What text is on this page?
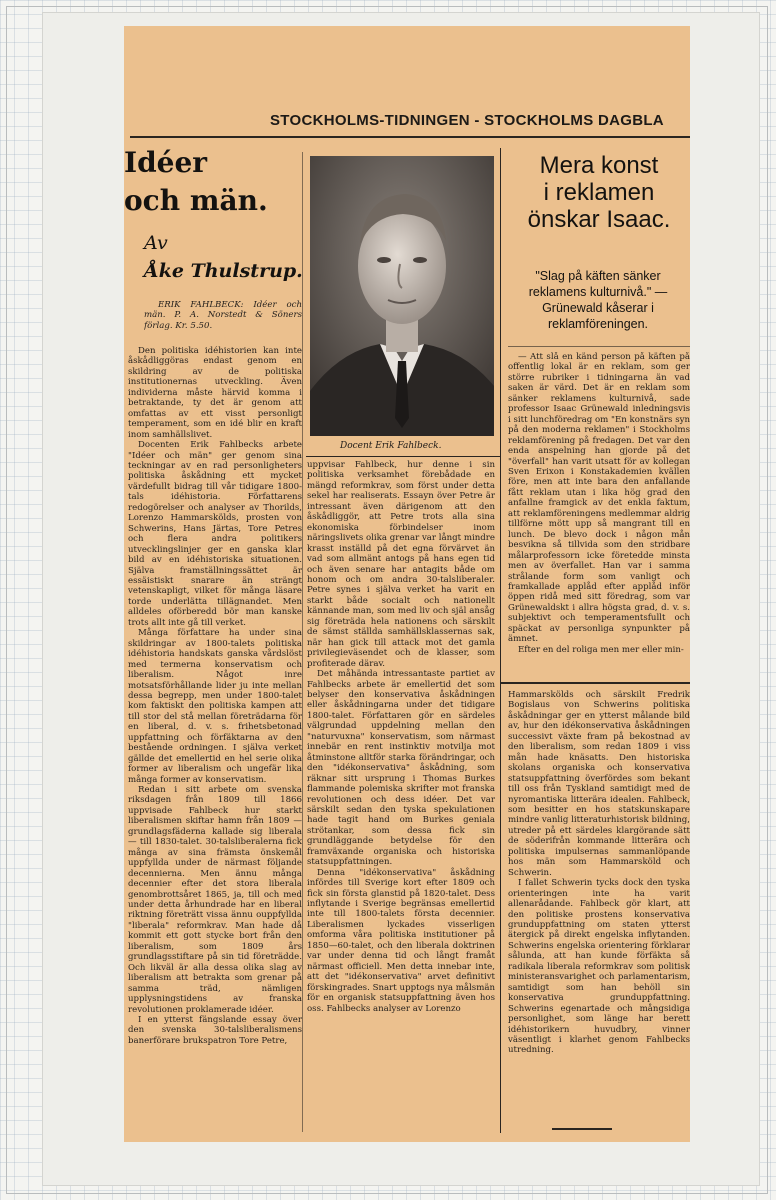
STOCKHOLMS-TIDNINGEN - STOCKHOLMS DAGBLA
Idéer
och män.
Av
Åke Thulstrup.

ERIK FAHLBECK: Idéer och män. P. A. Norstedt & Söners förlag. Kr. 5.50.

Den politiska idéhistorien kan inte åskådliggöras endast genom en skildring av de politiska institutionernas utveckling. Även individerna måste härvid komma i betraktande, ty det är genom att omfattas av ett visst personligt temperament, som en idé blir en kraft inom samhällslivet.

Docenten Erik Fahlbecks arbete "Idéer och män" ger genom sina teckningar av en rad personligheters politiska åskådning ett mycket värdefullt bidrag till vår tidigare 1800-tals idéhistoria. Författarens redogörelser och analyser av Thorilds, Lorenzo Hammarskölds, prosten von Schwerins, Hans Järtas, Tore Petres och flera andra politikers utvecklingslinjer ger en ganska klar bild av en idéhistoriska situationen. Själva framställningssättet är essäistiskt snarare än strängt vetenskapligt, vilket för många läsare torde underlätta tillägnandet. Men alldeles oförberedd bör man kanske trots allt inte gå till verket.

Många författare ha under sina skildringar av 1800-talets politiska idéhistoria handskats ganska vårdslöst med termerna konservatism och liberalism. Något inre motsatsförhållande lider ju inte mellan dessa begrepp, men under 1800-talet kom faktiskt den politiska kampen att till stor del stå mellan företrädarna för en liberal, d. v. s. frihetsbetonad uppfattning och förfäktarna av den bestående ordningen. I själva verket gällde det emellertid en hel serie olika former av liberalism och ungefär lika många former av konservatism.

Redan i sitt arbete om svenska riksdagen från 1809 till 1866 uppvisade Fahlbeck hur starkt liberalismen skiftar hamn från 1809 — grundlagsfäderna kallade sig liberala — till 1830-talet. 30-talsliberalerna fick många av sina främsta önskemål uppfyllda under de närmast följande decennierna. Men ännu många decennier efter det stora liberala genombrottsåret 1865, ja, till och med under detta århundrade har en liberal riktning företrätt vissa ännu ouppfyllda "liberala" reformkrav. Man hade då kommit ett gott stycke bort från den liberalism, som 1809 års grundlagsstiftare på sin tid företrädde. Och likväl är alla dessa olika slag av liberalism att betrakta som grenar på samma träd, nämligen upplysningstidens av franska revolutionen proklamerade idéer.

I en ytterst fängslande essay över den svenska 30-talsliberalismens banerförare brukspatron Tore Petre,

Docent Erik Fahlbeck.

uppvisar Fahlbeck, hur denne i sin politiska verksamhet förebådade en mängd reformkrav, som först under detta sekel har realiserats. Essayn över Petre är intressant även därigenom att den åskådliggör, att Petre trots alla sina ekonomiska förbindelser inom näringslivets olika grenar var långt mindre krasst inställd på det egna förvärvet än vad som allmänt antogs på hans egen tid och även senare har antagits både om honom och om andra 30-talsliberaler. Petre synes i själva verket ha varit en starkt både socialt och nationellt kännande man, som med liv och själ ansåg sig företräda hela nationens och särskilt de sämst ställda samhällsklassernas sak, när han gick till attack mot det gamla privilegieväsendet och de klasser, som profiterade därav.

Det måhända intressantaste partiet av Fahlbecks arbete är emellertid det som belyser den konservativa åskådningen eller åskådningarna under det tidigare 1800-talet. Författaren gör en särdeles välgrundad uppdelning mellan den "naturvuxna" konservatism, som närmast innebär en rent instinktiv motvilja mot åtminstone alltför starka förändringar, och den "idékonservativa" åskådning, som räknar sitt ursprung i Thomas Burkes flammande polemiska skrifter mot franska revolutionen och dess idéer. Det var särskilt sedan den tyska spekulationen hade tagit hand om Burkes geniala strötankar, som dessa fick sin grundläggande betydelse för den framväxande organiska och historiska statsuppfattningen.

Denna "idékonservativa" åskådning infördes till Sverige kort efter 1809 och fick sin första glanstid på 1820-talet. Dess inflytande i Sverige begränsas emellertid inte till 1800-talets första decennier. Liberalismen lyckades visserligen omforma våra politiska institutioner på 1850—60-talet, och den liberala doktrinen var under denna tid och långt framåt närmast officiell. Men detta innebar inte, att det "idékonservativa" arvet definitivt förskingrades. Snart upptogs nya målsmän för en organisk statsuppfattning även hos oss. Fahlbecks analyser av Lorenzo

Mera konst
i reklamen
önskar Isaac.
"Slag på käften sänker reklamens kulturnivå." — Grünewald kåserar i reklamföreningen.

— Att slå en känd person på käften på offentlig lokal är en reklam, som ger större rubriker i tidningarna än vad saken är värd. Det är en reklam som sänker reklamens kulturnivå, sade professor Isaac Grünewald inledningsvis i sitt lunchföredrag om "En konstnärs syn på den moderna reklamen" i Stockholms reklamförening på fredagen. Det var den enda anspelning han gjorde på det "överfall" han varit utsatt för av kollegan Sven Erixon i Konstakademien kvällen före, men att inte bara den anfallande fått reklam utan i lika hög grad den anfallne framgick av det enkla faktum, att reklamföreningens medlemmar aldrig tillförne mött upp så mangrant till en lunch. De blevo dock i någon mån besvikna så tillvida som den stridbare målarprofessorn icke företedde minsta men av överfallet. Han var i samma strålande form som vanligt och framkallade applåd efter applåd inför öppen ridå med sitt föredrag, som var Grünewaldskt i allra högsta grad, d. v. s. subjektivt och temperamentsfullt och späckat av personliga synpunkter på ämnet.

Efter en del roliga men mer eller min-

Hammarskölds och särskilt Fredrik Bogislaus von Schwerins politiska åskådningar ger en ytterst målande bild av, hur den idékonservativa åskådningen successivt växte fram på bekostnad av den liberalism, som redan 1809 i viss mån hade knäsatts. Den historiska skolans organiska och konservativa statsuppfattning överfördes som bekant till oss från Tyskland samtidigt med de nyromantiska litterära idealen. Fahlbeck, som besitter en hos statskunskapare mindre vanlig litteraturhistorisk bildning, utreder på ett särdeles klargörande sätt de söderifrån kommande litterära och politiska impulsernas sammanlöpande hos män som Hammarsköld och Schwerin.

I fallet Schwerin tycks dock den tyska orienteringen inte ha varit allenarådande. Fahlbeck gör klart, att den politiske prostens konservativa grunduppfattning om staten ytterst ätergick på direkt engelska inflytanden. Schwerins engelska orientering förklarar sålunda, att han kunde förfäkta så radikala liberala reformkrav som politisk ministeransvarighet och parlamentarism, samtidigt som han behöll sin konservativa grunduppfattning. Schwerins egenartade och mångsidiga personlighet, som länge har berett idéhistorikern huvudbry, vinner väsentligt i klarhet genom Fahlbecks utredning.
